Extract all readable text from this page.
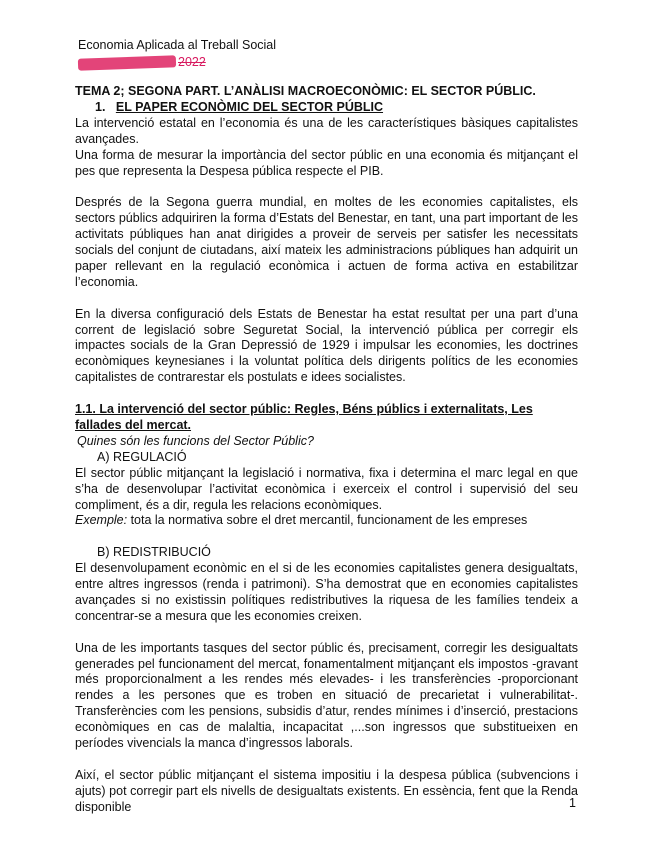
Economia Aplicada al Treball Social
2022

TEMA 2; SEGONA PART. L’ANÀLISI MACROECONÒMIC: EL SECTOR PÚBLIC.

1. EL PAPER ECONÒMIC DEL SECTOR PÚBLIC

La intervenció estatal en l’economia és una de les característiques bàsiques capitalistes avançades.

Una forma de mesurar la importància del sector públic en una economia és mitjançant el pes que representa la Despesa pública respecte el PIB.

Després de la Segona guerra mundial, en moltes de les economies capitalistes, els sectors públics adquiriren la forma d’Estats del Benestar, en tant, una part important de les activitats públiques han anat dirigides a proveir de serveis per satisfer les necessitats socials del conjunt de ciutadans, així mateix les administracions públiques han adquirit un paper rellevant en la regulació econòmica i actuen de forma activa en estabilitzar l’economia.

En la diversa configuració dels Estats de Benestar ha estat resultat per una part d’una corrent de legislació sobre Seguretat Social, la intervenció pública per corregir els impactes socials de la Gran Depressió de 1929 i impulsar les economies, les doctrines econòmiques keynesianes i la voluntat política dels dirigents polítics de les economies capitalistes de contrarestar els postulats e idees socialistes.

1.1. La intervenció del sector públic: Regles, Béns públics i externalitats, Les fallades del mercat.

Quines són les funcions del Sector Públic?

A) REGULACIÓ

El sector públic mitjançant la legislació i normativa, fixa i determina el marc legal en que s’ha de desenvolupar l’activitat econòmica i exerceix el control i supervisió del seu compliment, és a dir, regula les relacions econòmiques.

Exemple: tota la normativa sobre el dret mercantil, funcionament de les empreses

B) REDISTRIBUCIÓ

El desenvolupament econòmic en el si de les economies capitalistes genera desigualtats, entre altres ingressos (renda i patrimoni). S’ha demostrat que en economies capitalistes avançades si no existissin polítiques redistributives la riquesa de les famílies tendeix a concentrar-se a mesura que les economies creixen.

Una de les importants tasques del sector públic és, precisament, corregir les desigualtats generades pel funcionament del mercat, fonamentalment mitjançant els impostos -gravant més proporcionalment a les rendes més elevades- i les transferències -proporcionant rendes a les persones que es troben en situació de precarietat i vulnerabilitat-. Transferències com les pensions, subsidis d’atur, rendes mínimes i d’inserció, prestacions econòmiques en cas de malaltia, incapacitat ,...son ingressos que substitueixen en períodes vivencials la manca d’ingressos laborals.

Així, el sector públic mitjançant el sistema impositiu i la despesa pública (subvencions i ajuts) pot corregir part els nivells de desigualtats existents. En essència, fent que la Renda disponible	1
